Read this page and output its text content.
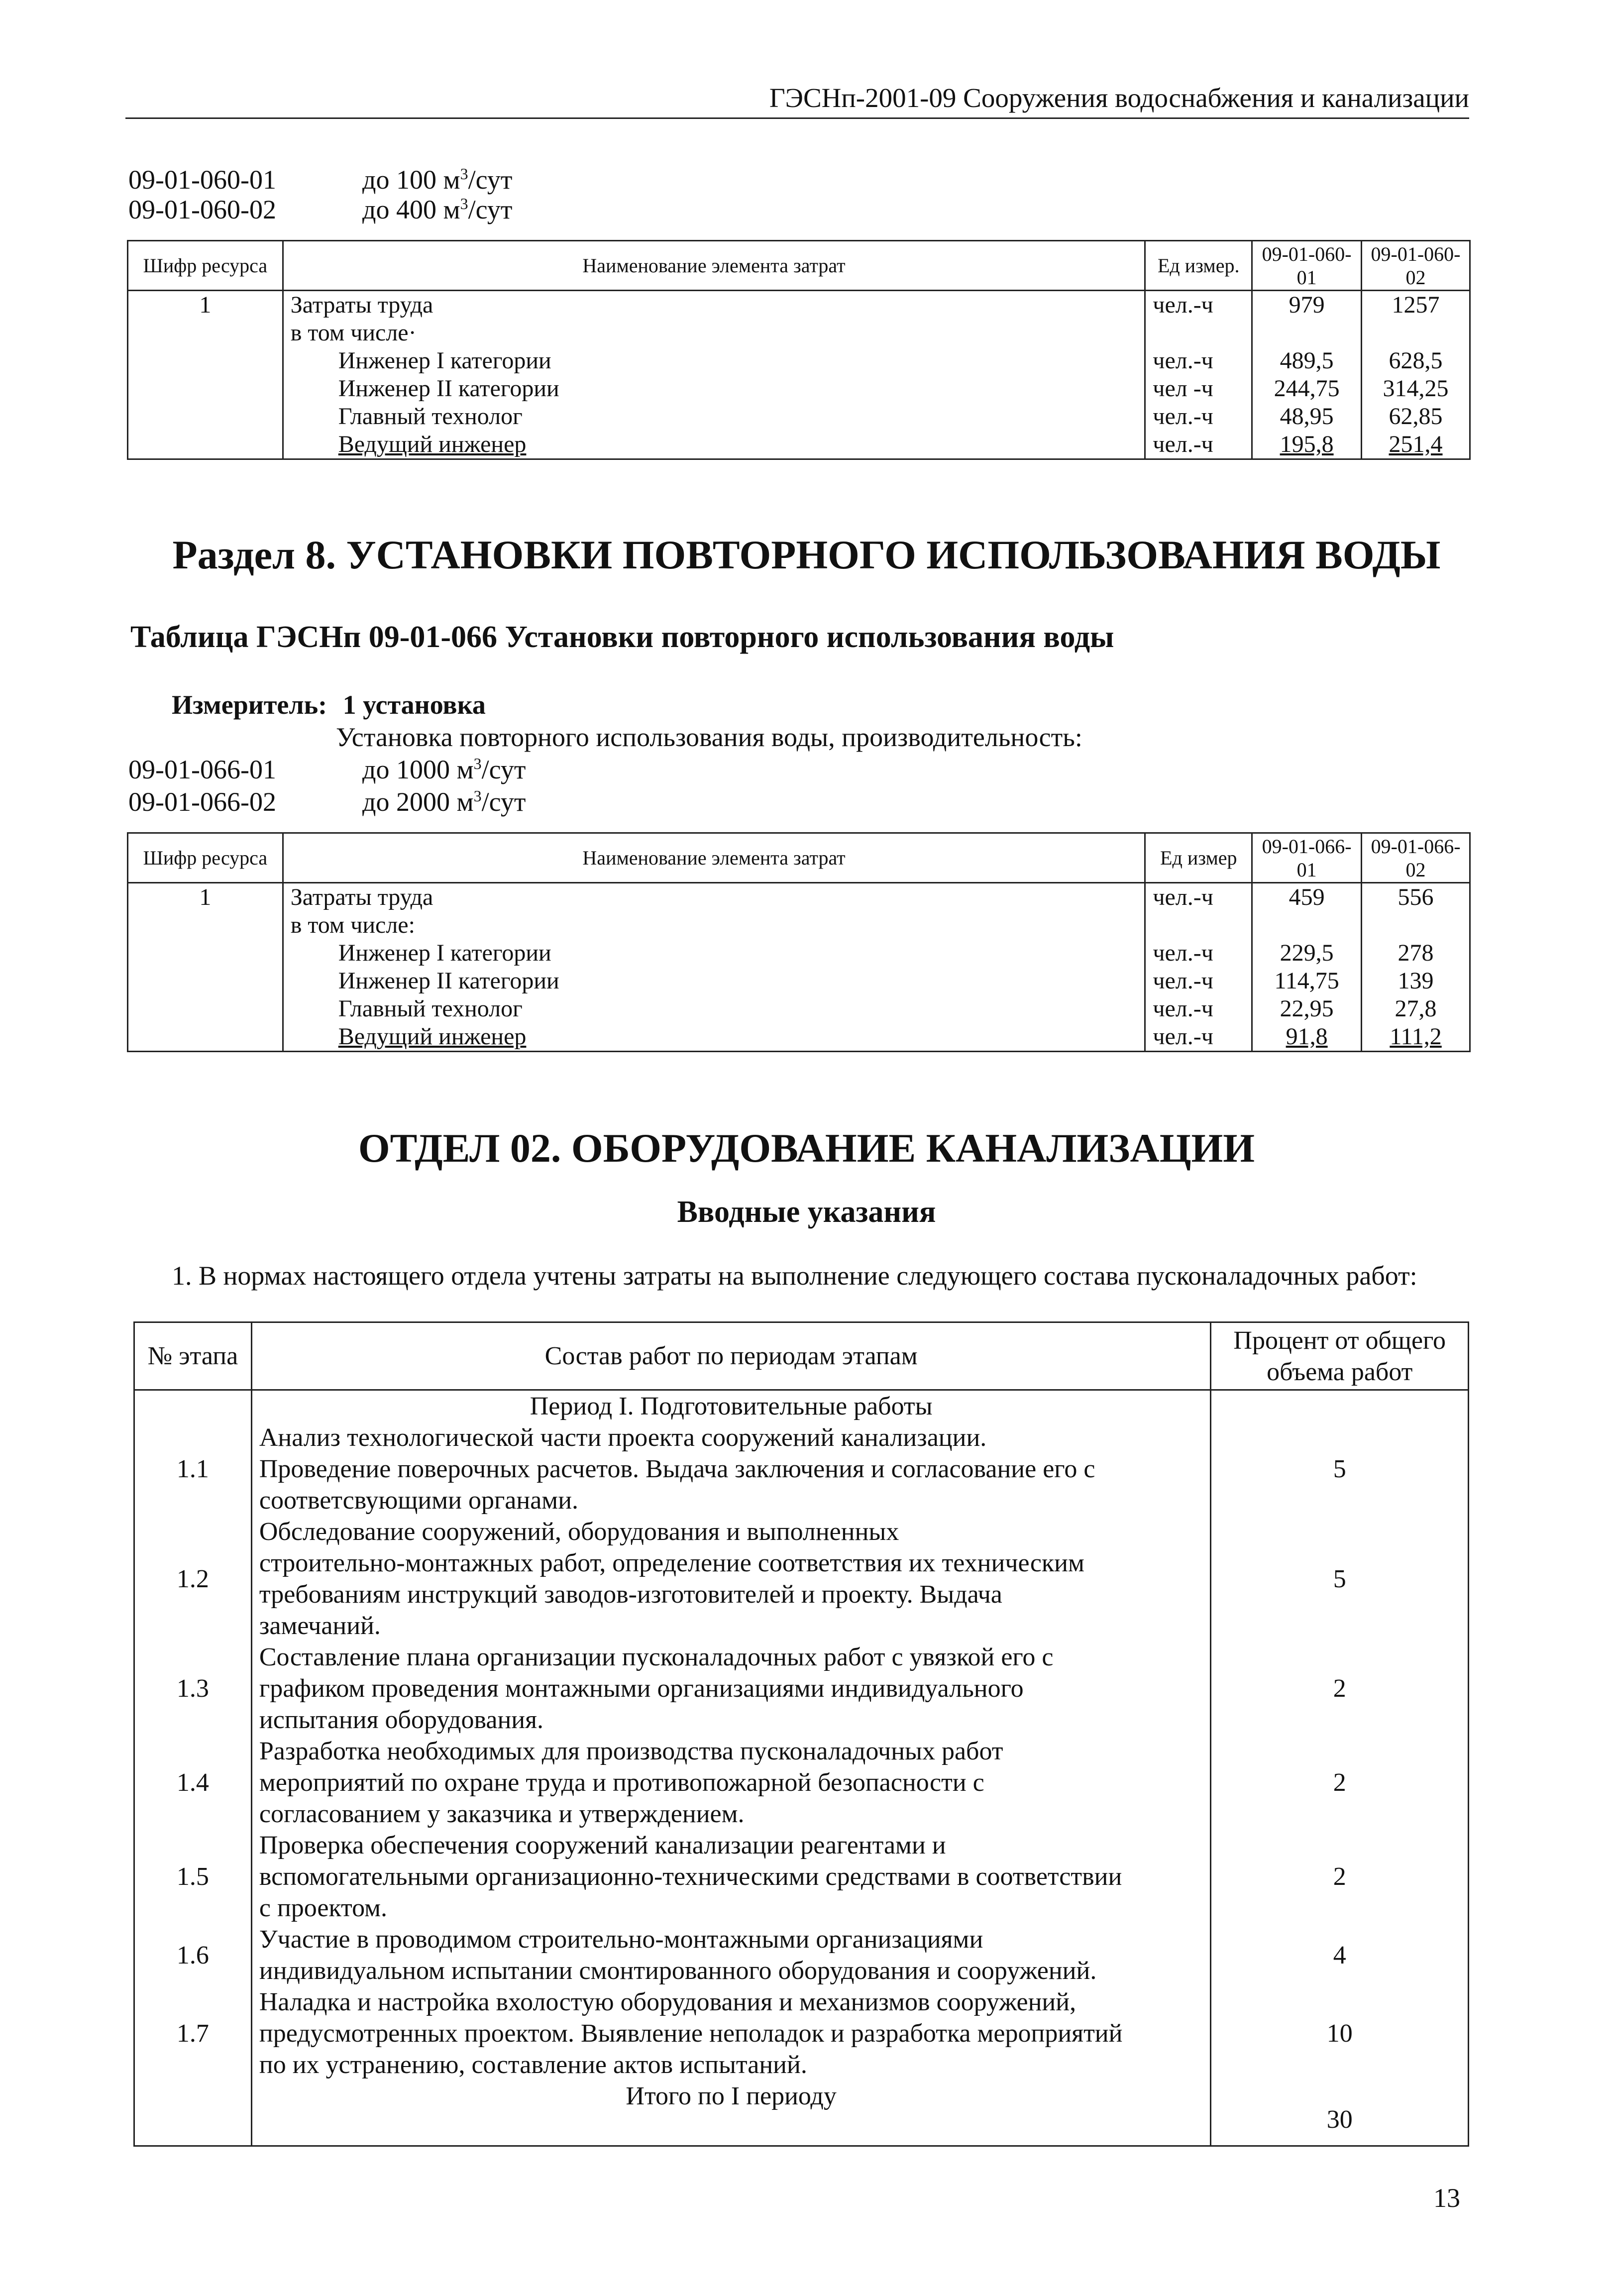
ГЭСНп-2001-09 Сооружения водоснабжения и канализации
09-01-060-01	до 100 $м^3$/сут
09-01-060-02	до 400 $м^3$/сут
Шифр ресурса	Наименование элемента затрат	Ед измер.	09-01-060-01	09-01-060-02
1	Затраты труда	чел.-ч	979	1257
	в том числе·			
	Инженер I категории	чел.-ч	489,5	628,5
	Инженер II категории	чел -ч	244,75	314,25
	Главный технолог	чел.-ч	48,95	62,85
	Ведущий инженер	чел.-ч	195,8	251,4
Раздел 8. УСТАНОВКИ ПОВТОРНОГО ИСПОЛЬЗОВАНИЯ ВОДЫ
Таблица ГЭСНп 09-01-066 Установки повторного использования воды
Измеритель: 1 установка
Установка повторного использования воды, производительность:
09-01-066-01	до 1000 $м^3$/сут
09-01-066-02	до 2000 $м^3$/сут
Шифр ресурса	Наименование элемента затрат	Ед измер	09-01-066-01	09-01-066-02
1	Затраты труда	чел.-ч	459	556
	в том числе:			
	Инженер I категории	чел.-ч	229,5	278
	Инженер II категории	чел.-ч	114,75	139
	Главный технолог	чел.-ч	22,95	27,8
	Ведущий инженер	чел.-ч	91,8	111,2
ОТДЕЛ 02. ОБОРУДОВАНИЕ КАНАЛИЗАЦИИ
Вводные указания
1. В нормах настоящего отдела учтены затраты на выполнение следующего состава пусконаладочных работ:
№ этапа	Состав работ по периодам этапам	Процент от общего объема работ
	Период I. Подготовительные работы	
1.1	Анализ технологической части проекта сооружений канализации.
Проведение поверочных расчетов. Выдача заключения и согласование его с
соответсвующими органами.	5
1.2	Обследование сооружений, оборудования и выполненных
строительно-монтажных работ, определение соответствия их техническим
требованиям инструкций заводов-изготовителей и проекту. Выдача
замечаний.	5
1.3	Составление плана организации пусконаладочных работ с увязкой его с
графиком проведения монтажными организациями индивидуального
испытания оборудования.	2
1.4	Разработка необходимых для производства пусконаладочных работ
мероприятий по охране труда и противопожарной безопасности с
согласованием у заказчика и утверждением.	2
1.5	Проверка обеспечения сооружений канализации реагентами и
вспомогательными организационно-техническими средствами в соответствии
с проектом.	2
1.6	Участие в проводимом строительно-монтажными организациями
индивидуальном испытании смонтированного оборудования и сооружений.	4
1.7	Наладка и настройка вхолостую оборудования и механизмов сооружений,
предусмотренных проектом. Выявление неполадок и разработка мероприятий
по их устранению, составление актов испытаний.	10
	Итого по I периоду	30
13
